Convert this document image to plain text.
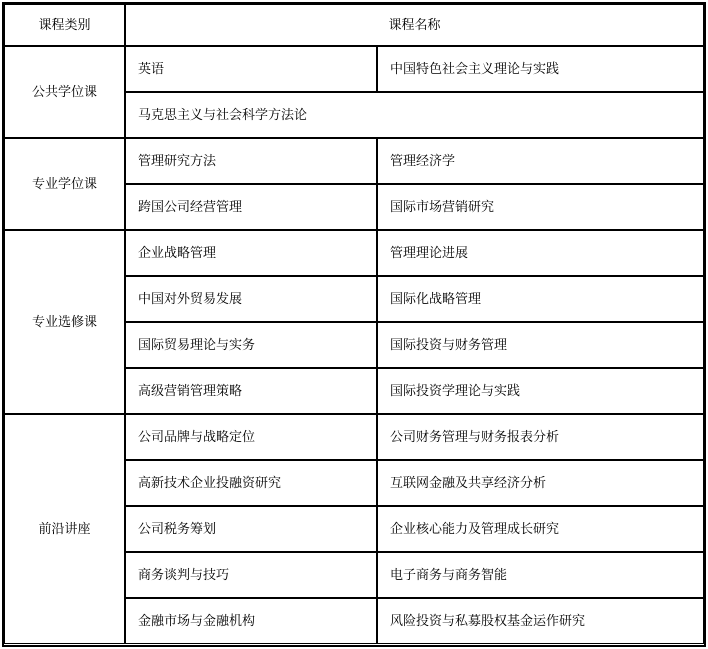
课程类别	课程名称
公共学位课
英语	中国特色社会主义理论与实践
马克思主义与社会科学方法论
专业学位课
管理研究方法	管理经济学
跨国公司经营管理	国际市场营销研究
专业选修课
企业战略管理	管理理论进展
中国对外贸易发展	国际化战略管理
国际贸易理论与实务	国际投资与财务管理
高级营销管理策略	国际投资学理论与实践
前沿讲座
公司品牌与战略定位	公司财务管理与财务报表分析
高新技术企业投融资研究	互联网金融及共享经济分析
公司税务筹划	企业核心能力及管理成长研究
商务谈判与技巧	电子商务与商务智能
金融市场与金融机构	风险投资与私募股权基金运作研究
